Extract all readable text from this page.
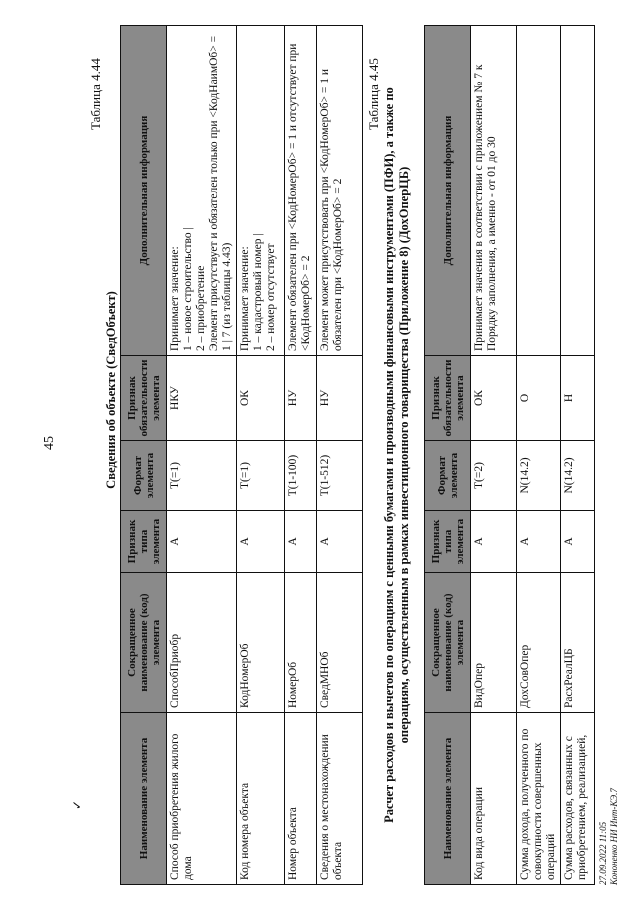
✓
45
Таблица 4.44
Сведения об объекте (СведОбъект)
Наименование элемента	Сокращенное наименование (код) элемента	Признак типа элемента	Формат элемента	Признак обязательности элемента	Дополнительная информация
Способ приобретения жилого дома	СпособПриобр	А	Т(=1)	НКУ	Принимает значение: 1 – новое строительство | 2 – приобретение Элемент присутствует и обязателен только при <КодНаимОб> = 1 | 7 (из таблицы 4.43)

Код номера объекта	КодНомерОб	А	Т(=1)	ОК	Принимает значение: 1 – кадастровый номер | 2 – номер отсутствует

Номер объекта	НомерОб	А	Т(1-100)	НУ	Элемент обязателен при <КодНомерОб> = 1 и отсутствует при <КодНомерОб> = 2
Сведения о местонахождении объекта	СведМНОб	А	Т(1-512)	НУ	Элемент может присутствовать при <КодНомерОб> = 1 и обязателен при <КодНомерОб> = 2
Таблица 4.45 Расчет расходов и вычетов по операциям с ценными бумагами и производными финансовыми инструментами (ПФИ), а также по операциям, осуществленным в рамках инвестиционного товарищества (Приложение 8) (ДохОперЦБ)
Наименование элемента	Сокращенное наименование (код) элемента	Признак типа элемента	Формат элемента	Признак обязательности элемента	Дополнительная информация
Код вида операции	ВидОпер	А	Т(=2)	ОК	Принимает значения в соответствии с приложением № 7 к Порядку заполнения, а именно - от 01 до 30
Сумма дохода, полученного по совокупности совершенных операций	ДохСовОпер	А	N(14.2)	О	
Сумма расходов, связанных с приобретением, реализацией,	РасхРеалЦБ	А	N(14.2)	Н	
27.09.2022 11:05 Кононенко НИ Инт-КЭ.7
